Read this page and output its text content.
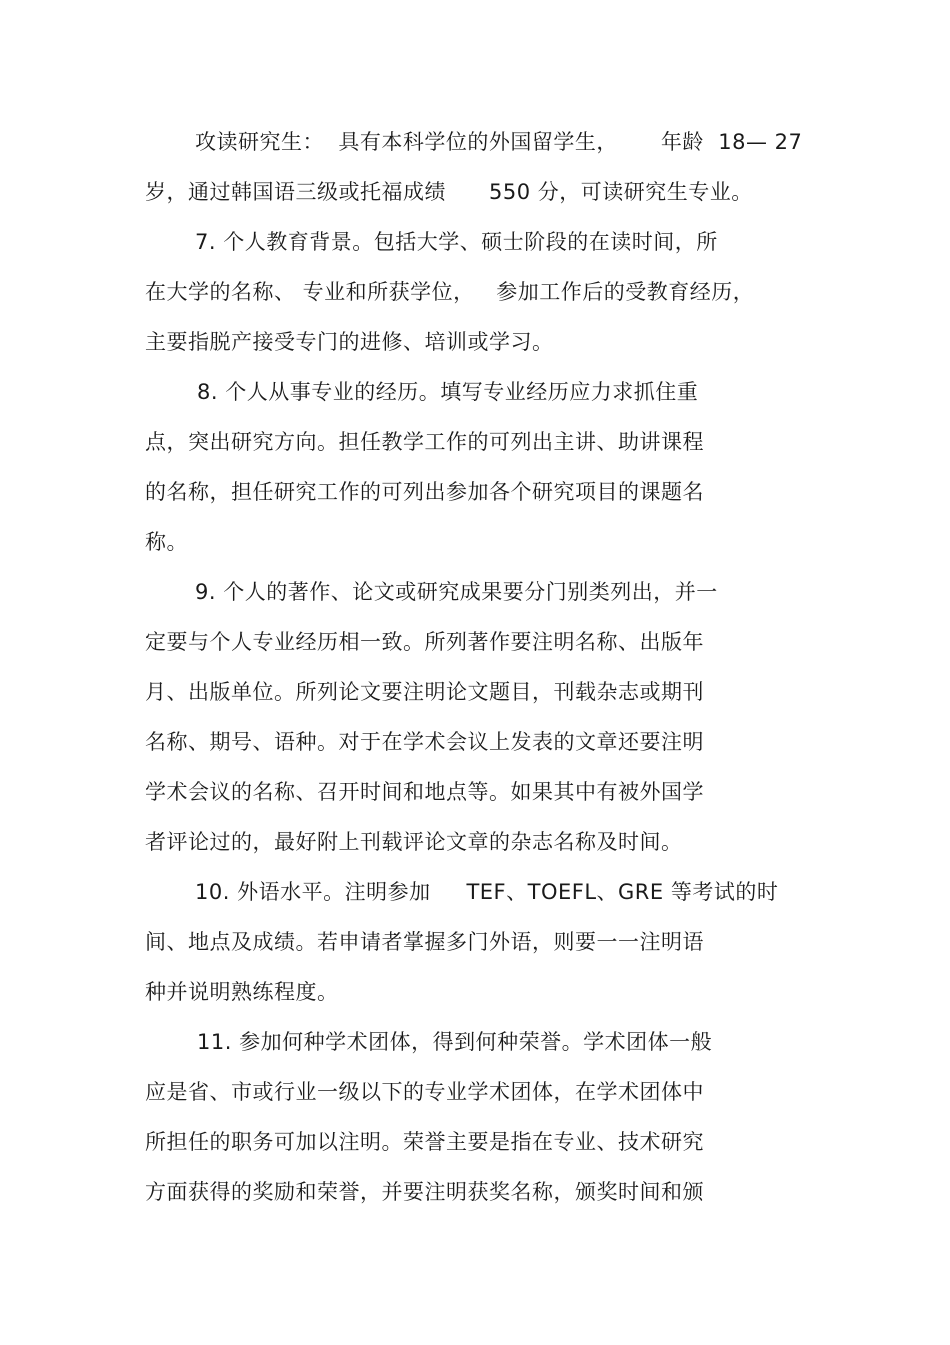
攻读研究生：  具有本科学位的外国留学生，      年龄  18— 27
岁，通过韩国语三级或托福成绩      550 分，可读研究生专业。
7. 个人教育背景。包括大学、硕士阶段的在读时间，所
在大学的名称、 专业和所获学位，   参加工作后的受教育经历，
主要指脱产接受专门的进修、培训或学习。
8. 个人从事专业的经历。填写专业经历应力求抓住重
点，突出研究方向。担任教学工作的可列出主讲、助讲课程
的名称，担任研究工作的可列出参加各个研究项目的课题名
称。
9. 个人的著作、论文或研究成果要分门别类列出，并一
定要与个人专业经历相一致。所列著作要注明名称、出版年
月、出版单位。所列论文要注明论文题目，刊载杂志或期刊
名称、期号、语种。对于在学术会议上发表的文章还要注明
学术会议的名称、召开时间和地点等。如果其中有被外国学
者评论过的，最好附上刊载评论文章的杂志名称及时间。
10. 外语水平。注明参加     TEF、TOEFL、GRE 等考试的时
间、地点及成绩。若申请者掌握多门外语，则要一一注明语
种并说明熟练程度。
11. 参加何种学术团体，得到何种荣誉。学术团体一般
应是省、市或行业一级以下的专业学术团体，在学术团体中
所担任的职务可加以注明。荣誉主要是指在专业、技术研究
方面获得的奖励和荣誉，并要注明获奖名称，颁奖时间和颁
